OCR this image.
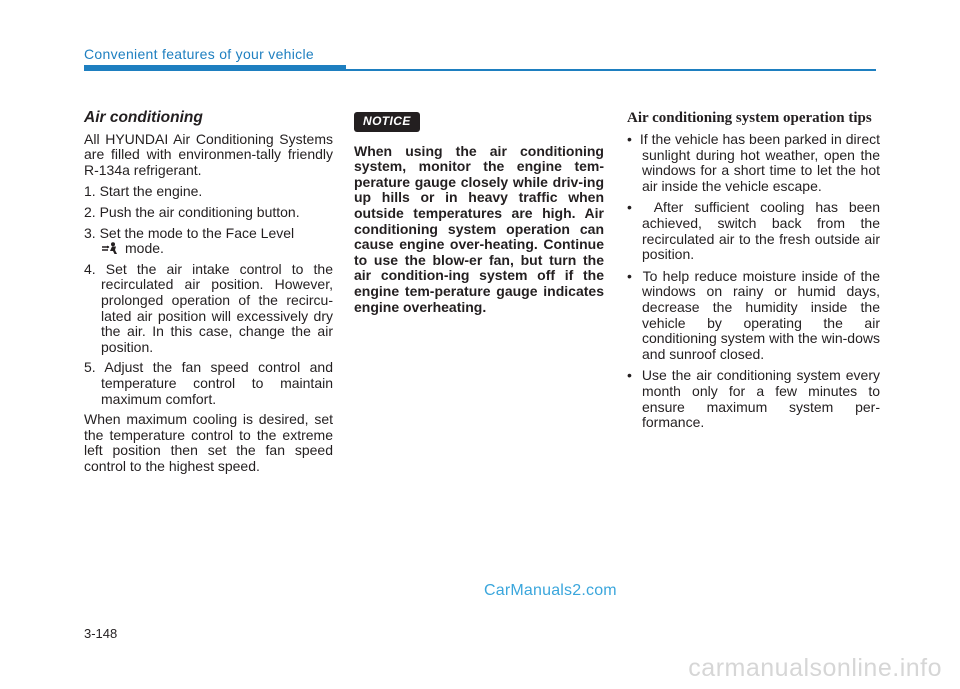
Convenient features of your vehicle
Air conditioning

All HYUNDAI Air Conditioning Systems are filled with environmen-tally friendly R-134a refrigerant.

1. Start the engine.
2. Push the air conditioning button.
3. Set the mode to the Face Level
mode.
4. Set the air intake control to the recirculated air position. However, prolonged operation of the recircu-lated air position will excessively dry the air. In this case, change the air position.
5. Adjust the fan speed control and temperature control to maintain maximum comfort.

When maximum cooling is desired, set the temperature control to the extreme left position then set the fan speed control to the highest speed.

NOTICE
When using the air conditioning system, monitor the engine tem-perature gauge closely while driv-ing up hills or in heavy traffic when outside temperatures are high. Air conditioning system operation can cause engine over-heating. Continue to use the blow-er fan, but turn the air condition-ing system off if the engine tem-perature gauge indicates engine overheating.
Air conditioning system operation tips
•  If the vehicle has been parked in direct sunlight during hot weather, open the windows for a short time to let the hot air inside the vehicle escape.
•  After sufficient cooling has been achieved, switch back from the recirculated air to the fresh outside air position.
•  To help reduce moisture inside of the windows on rainy or humid days, decrease the humidity inside the vehicle by operating the air conditioning system with the win-dows and sunroof closed.
•  Use the air conditioning system every month only for a few minutes to ensure maximum system per-formance.
CarManuals2.com
3-148
carmanualsonline.info
